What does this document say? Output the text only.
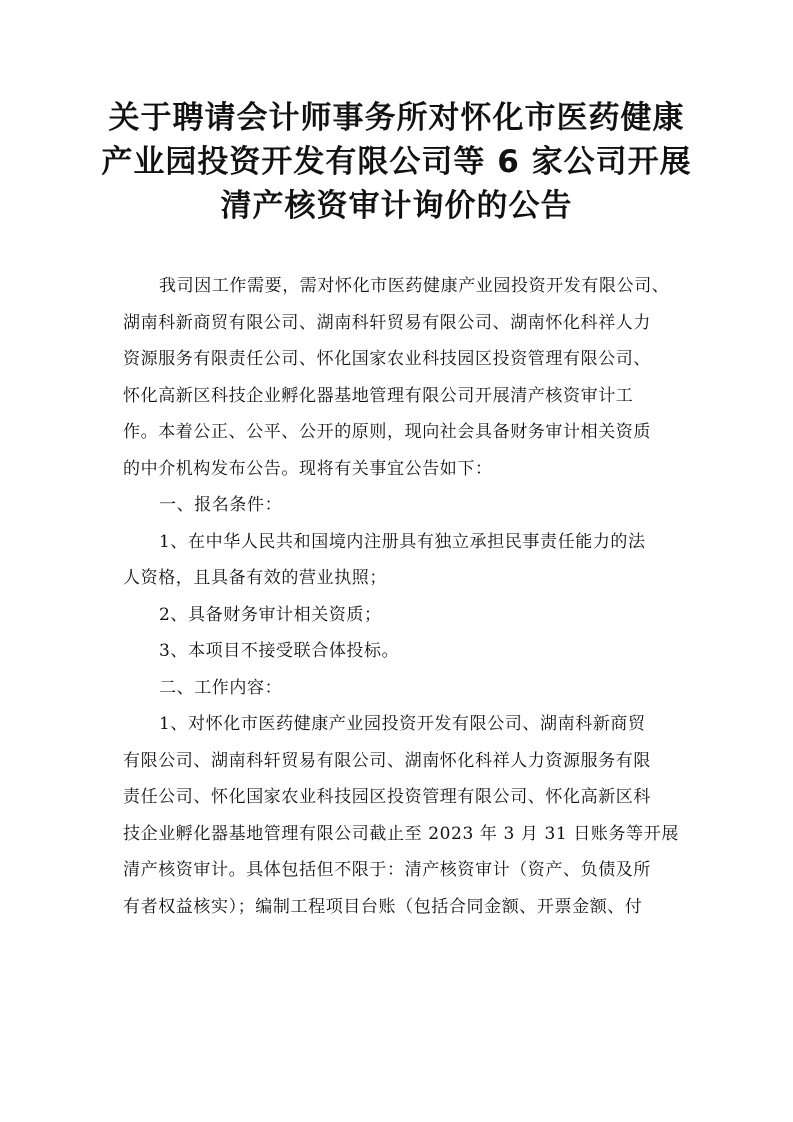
关于聘请会计师事务所对怀化市医药健康
产业园投资开发有限公司等 6 家公司开展
清产核资审计询价的公告
我司因工作需要，需对怀化市医药健康产业园投资开发有限公司、
湖南科新商贸有限公司、湖南科轩贸易有限公司、湖南怀化科祥人力
资源服务有限责任公司、怀化国家农业科技园区投资管理有限公司、
怀化高新区科技企业孵化器基地管理有限公司开展清产核资审计工
作。本着公正、公平、公开的原则，现向社会具备财务审计相关资质
的中介机构发布公告。现将有关事宜公告如下：
一、报名条件：
1、在中华人民共和国境内注册具有独立承担民事责任能力的法
人资格，且具备有效的营业执照；
2、具备财务审计相关资质；
3、本项目不接受联合体投标。
二、工作内容：
1、对怀化市医药健康产业园投资开发有限公司、湖南科新商贸
有限公司、湖南科轩贸易有限公司、湖南怀化科祥人力资源服务有限
责任公司、怀化国家农业科技园区投资管理有限公司、怀化高新区科
技企业孵化器基地管理有限公司截止至 2023 年 3 月 31 日账务等开展
清产核资审计。具体包括但不限于：清产核资审计（资产、负债及所
有者权益核实）；编制工程项目台账（包括合同金额、开票金额、付
